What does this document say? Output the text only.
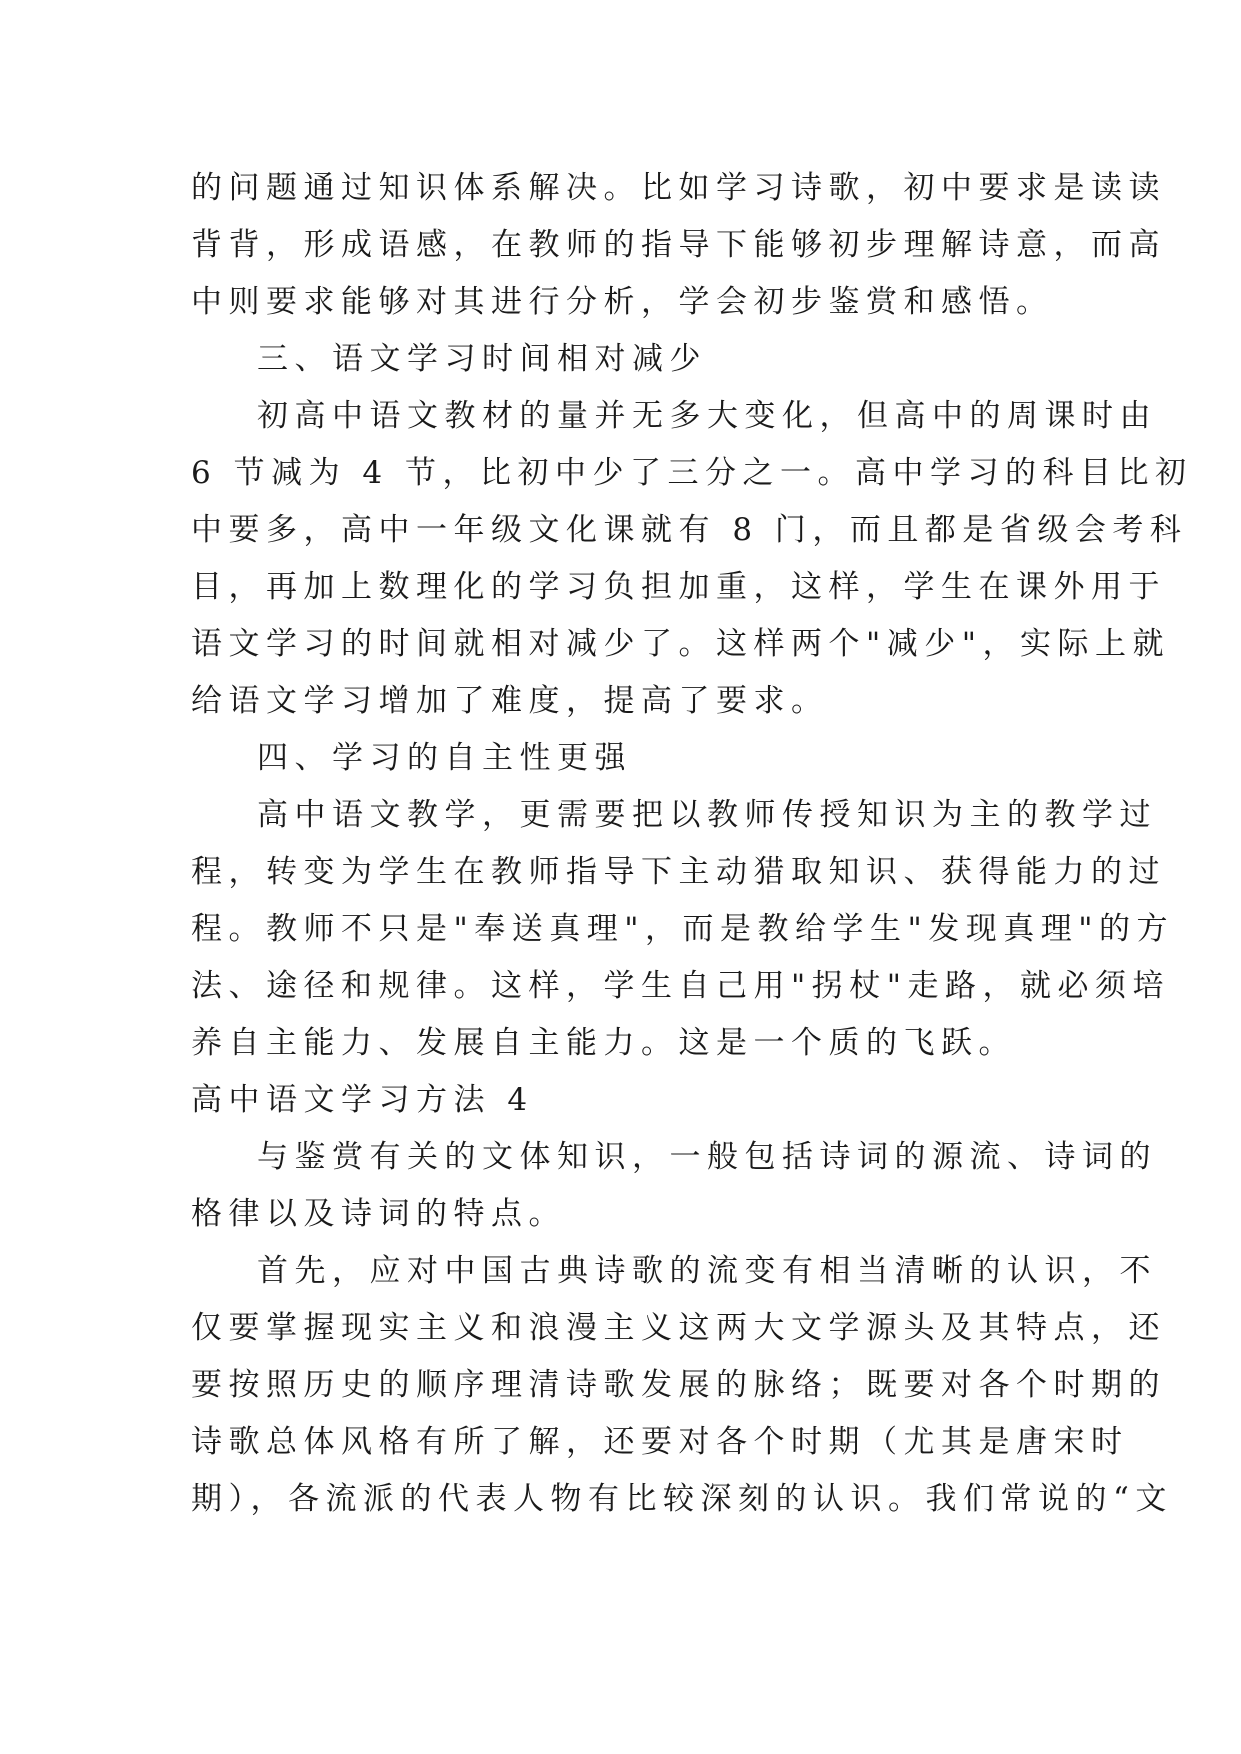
的问题通过知识体系解决。比如学习诗歌，初中要求是读读
背背，形成语感，在教师的指导下能够初步理解诗意，而高
中则要求能够对其进行分析，学会初步鉴赏和感悟。
三、语文学习时间相对减少
初高中语文教材的量并无多大变化，但高中的周课时由
6 节减为 4 节，比初中少了三分之一。高中学习的科目比初
中要多，高中一年级文化课就有 8 门，而且都是省级会考科
目，再加上数理化的学习负担加重，这样，学生在课外用于
语文学习的时间就相对减少了。这样两个"减少"，实际上就
给语文学习增加了难度，提高了要求。
四、学习的自主性更强
高中语文教学，更需要把以教师传授知识为主的教学过
程，转变为学生在教师指导下主动猎取知识、获得能力的过
程。教师不只是"奉送真理"，而是教给学生"发现真理"的方
法、途径和规律。这样，学生自己用"拐杖"走路，就必须培
养自主能力、发展自主能力。这是一个质的飞跃。
高中语文学习方法 4
与鉴赏有关的文体知识，一般包括诗词的源流、诗词的
格律以及诗词的特点。
首先，应对中国古典诗歌的流变有相当清晰的认识，不
仅要掌握现实主义和浪漫主义这两大文学源头及其特点，还
要按照历史的顺序理清诗歌发展的脉络；既要对各个时期的
诗歌总体风格有所了解，还要对各个时期（尤其是唐宋时
期），各流派的代表人物有比较深刻的认识。我们常说的“文
